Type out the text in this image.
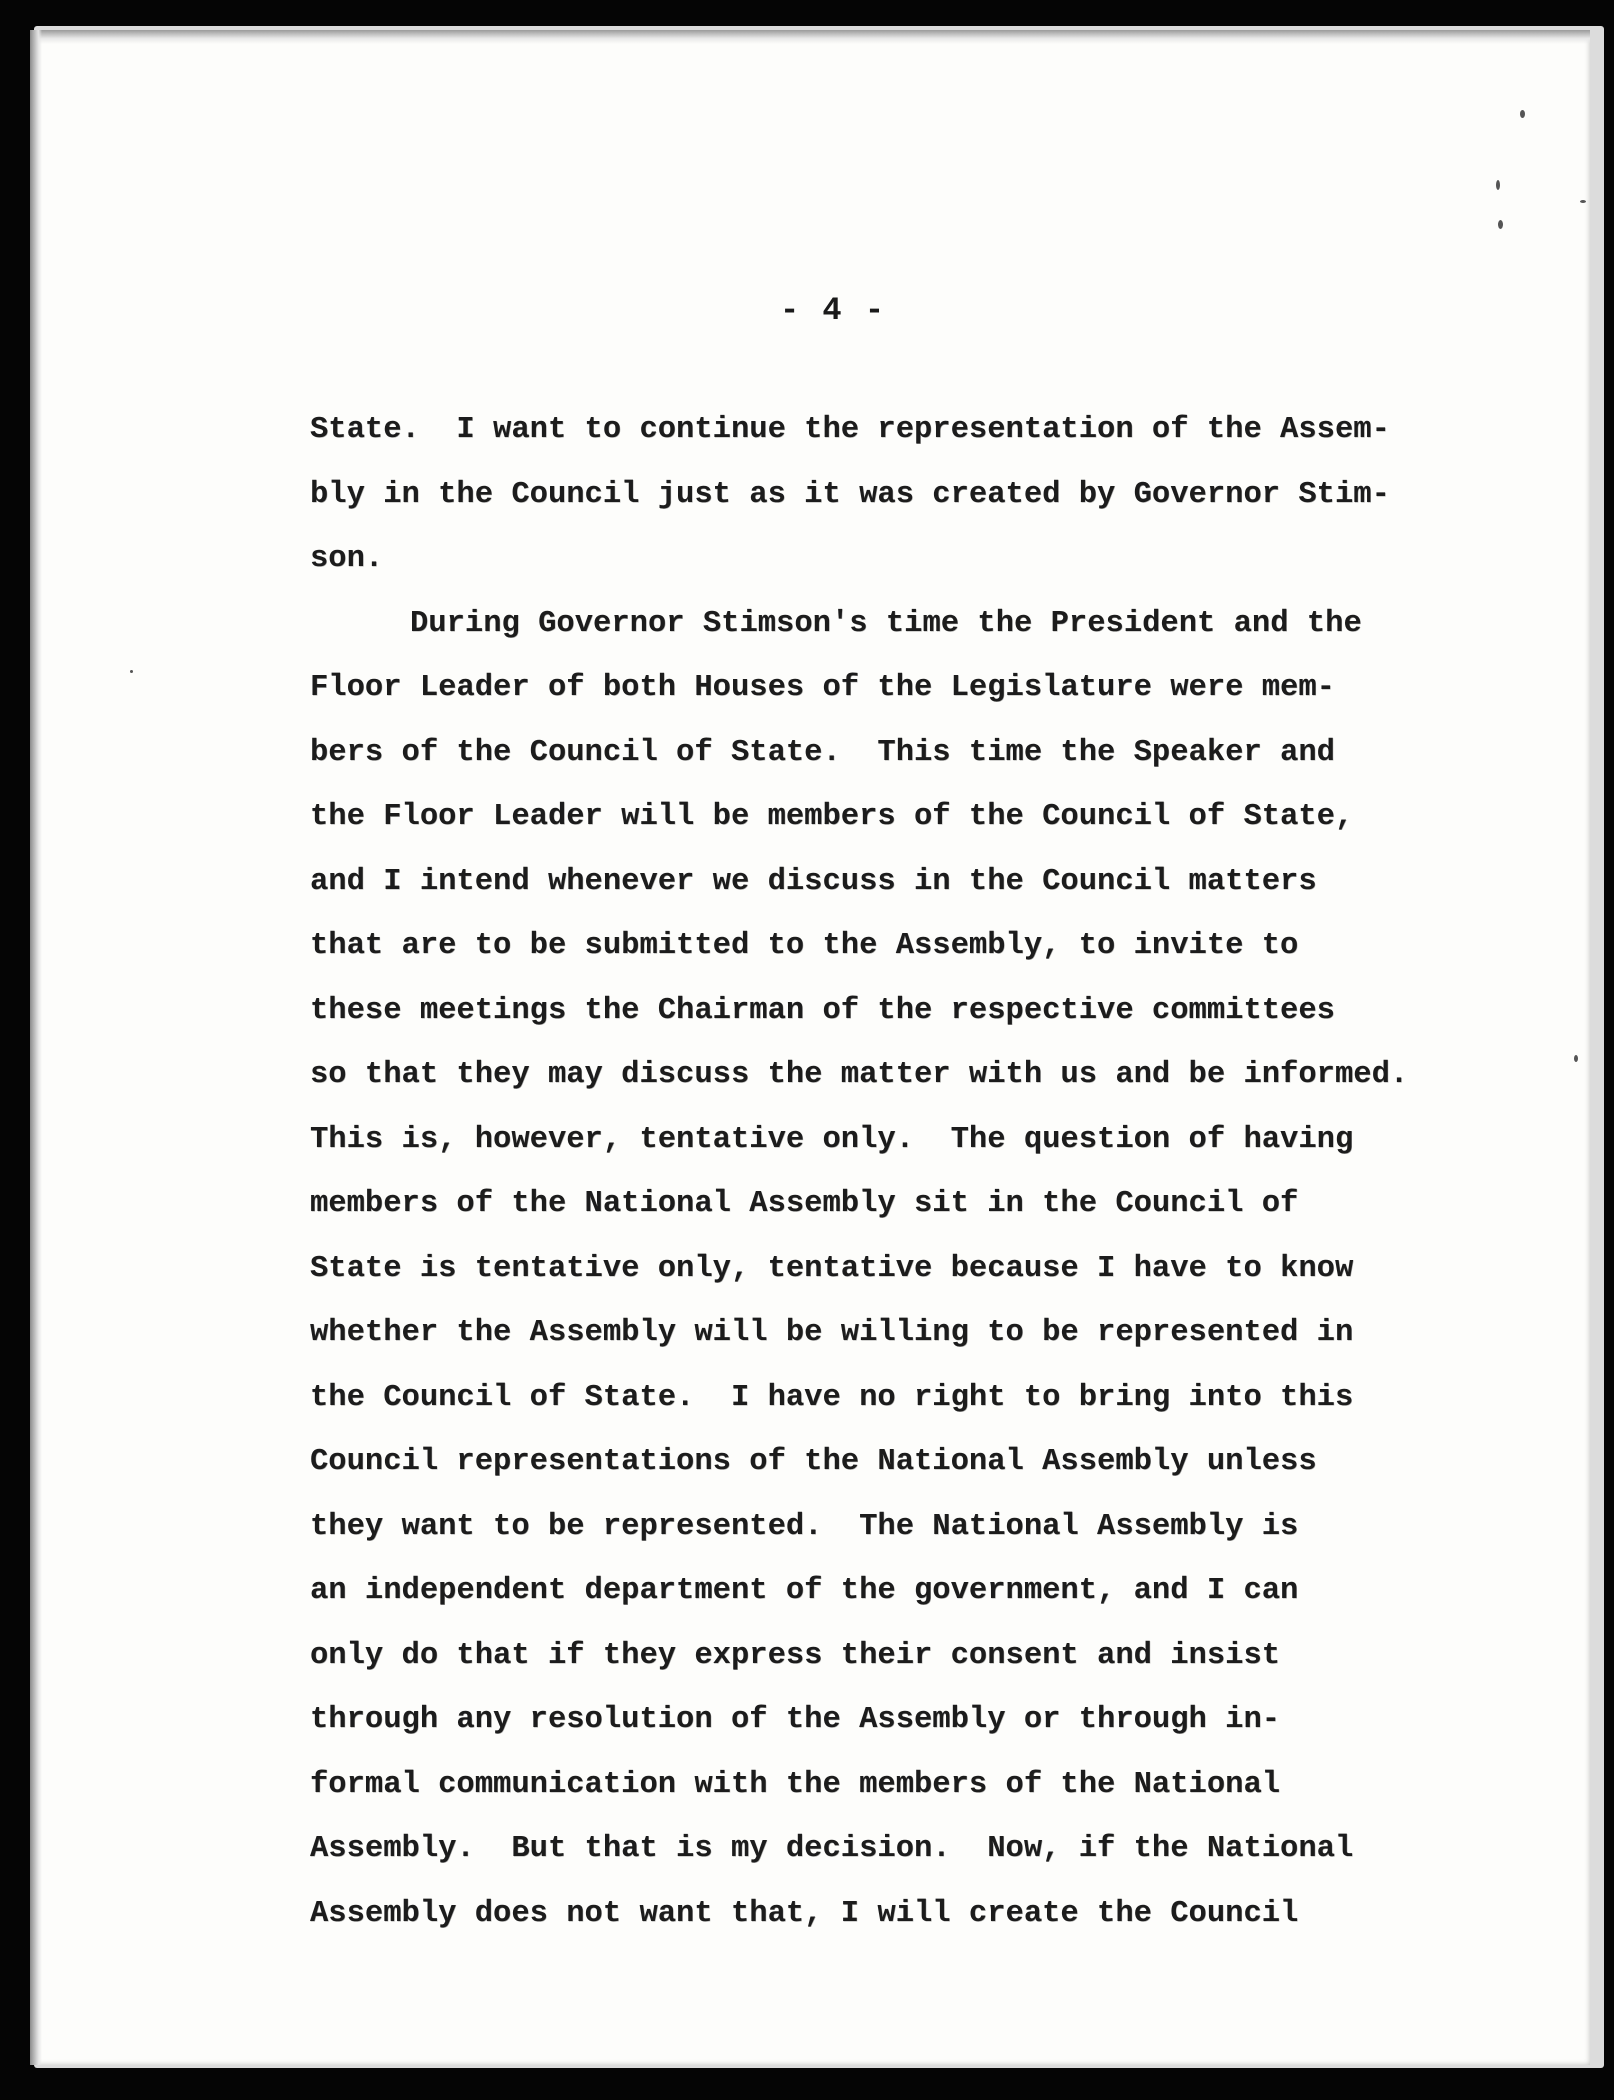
- 4 -
State.  I want to continue the representation of the Assem-
bly in the Council just as it was created by Governor Stim-
son.
During Governor Stimson's time the President and the
Floor Leader of both Houses of the Legislature were mem-
bers of the Council of State.  This time the Speaker and
the Floor Leader will be members of the Council of State,
and I intend whenever we discuss in the Council matters
that are to be submitted to the Assembly, to invite to
these meetings the Chairman of the respective committees
so that they may discuss the matter with us and be informed.
This is, however, tentative only.  The question of having
members of the National Assembly sit in the Council of
State is tentative only, tentative because I have to know
whether the Assembly will be willing to be represented in
the Council of State.  I have no right to bring into this
Council representations of the National Assembly unless
they want to be represented.  The National Assembly is
an independent department of the government, and I can
only do that if they express their consent and insist
through any resolution of the Assembly or through in-
formal communication with the members of the National
Assembly.  But that is my decision.  Now, if the National
Assembly does not want that, I will create the Council
